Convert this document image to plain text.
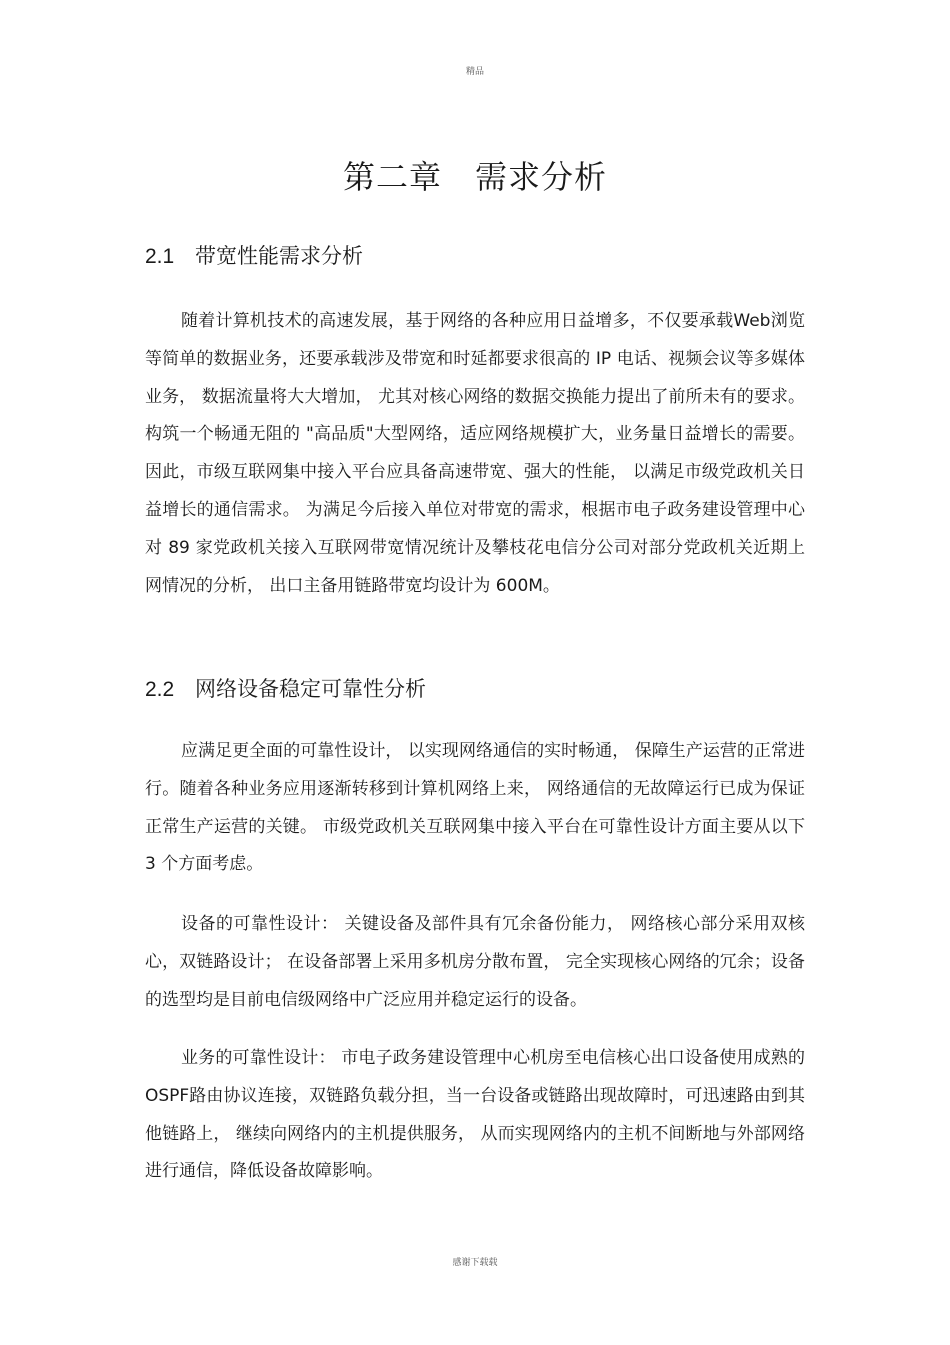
精品
第二章　需求分析
2.1 带宽性能需求分析

随着计算机技术的高速发展，基于网络的各种应用日益增多，不仅要承载Web浏览等简单的数据业务，还要承载涉及带宽和时延都要求很高的 IP 电话、视频会议等多媒体业务， 数据流量将大大增加， 尤其对核心网络的数据交换能力提出了前所未有的要求。 构筑一个畅通无阻的 "高品质"大型网络，适应网络规模扩大，业务量日益增长的需要。 因此，市级互联网集中接入平台应具备高速带宽、强大的性能， 以满足市级党政机关日益增长的通信需求。 为满足今后接入单位对带宽的需求，根据市电子政务建设管理中心对 89 家党政机关接入互联网带宽情况统计及攀枝花电信分公司对部分党政机关近期上网情况的分析， 出口主备用链路带宽均设计为 600M。

2.2 网络设备稳定可靠性分析

应满足更全面的可靠性设计， 以实现网络通信的实时畅通， 保障生产运营的正常进行。随着各种业务应用逐渐转移到计算机网络上来， 网络通信的无故障运行已成为保证正常生产运营的关键。 市级党政机关互联网集中接入平台在可靠性设计方面主要从以下 3 个方面考虑。

设备的可靠性设计： 关键设备及部件具有冗余备份能力， 网络核心部分采用双核心，双链路设计； 在设备部署上采用多机房分散布置， 完全实现核心网络的冗余；设备的选型均是目前电信级网络中广泛应用并稳定运行的设备。

业务的可靠性设计： 市电子政务建设管理中心机房至电信核心出口设备使用成熟的 OSPF路由协议连接，双链路负载分担，当一台设备或链路出现故障时，可迅速路由到其他链路上， 继续向网络内的主机提供服务， 从而实现网络内的主机不间断地与外部网络进行通信，降低设备故障影响。

感谢下载载
